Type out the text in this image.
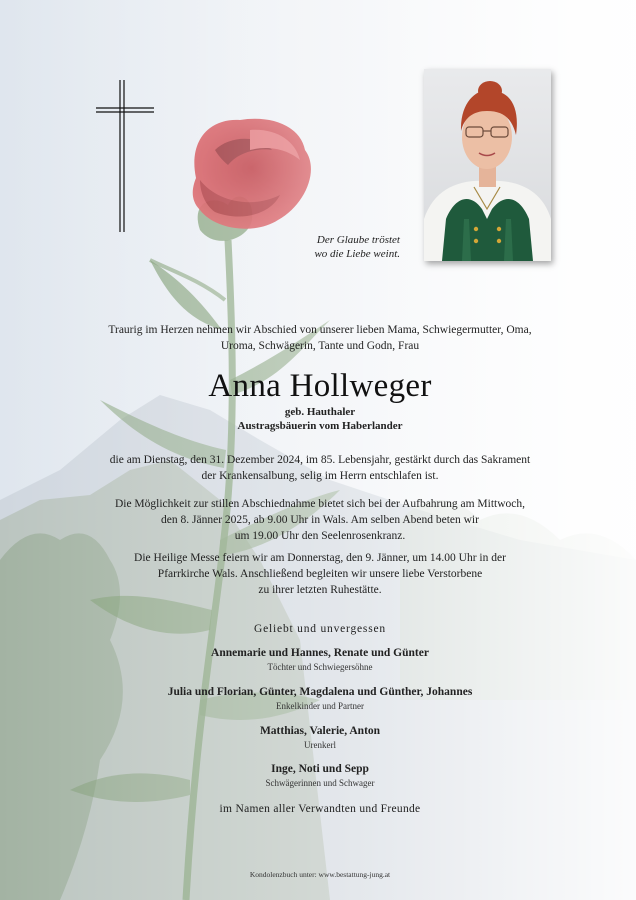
Der Glaube tröstet
wo die Liebe weint.
Traurig im Herzen nehmen wir Abschied von unserer lieben Mama, Schwiegermutter, Oma,
Uroma, Schwägerin, Tante und Godn, Frau
Anna Hollweger
geb. Hauthaler
Austragsbäuerin vom Haberlander
die am Dienstag, den 31. Dezember 2024, im 85. Lebensjahr, gestärkt durch das Sakrament
der Krankensalbung, selig im Herrn entschlafen ist.
Die Möglichkeit zur stillen Abschiednahme bietet sich bei der Aufbahrung am Mittwoch,
den 8. Jänner 2025, ab 9.00 Uhr in Wals. Am selben Abend beten wir
um 19.00 Uhr den Seelenrosenkranz.
Die Heilige Messe feiern wir am Donnerstag, den 9. Jänner, um 14.00 Uhr in der
Pfarrkirche Wals. Anschließend begleiten wir unsere liebe Verstorbene
zu ihrer letzten Ruhestätte.
Geliebt und unvergessen
Annemarie und Hannes, Renate und Günter
Töchter und Schwiegersöhne
Julia und Florian, Günter, Magdalena und Günther, Johannes
Enkelkinder und Partner
Matthias, Valerie, Anton
Urenkerl
Inge, Noti und Sepp
Schwägerinnen und Schwager
im Namen aller Verwandten und Freunde
Kondolenzbuch unter: www.bestattung-jung.at
